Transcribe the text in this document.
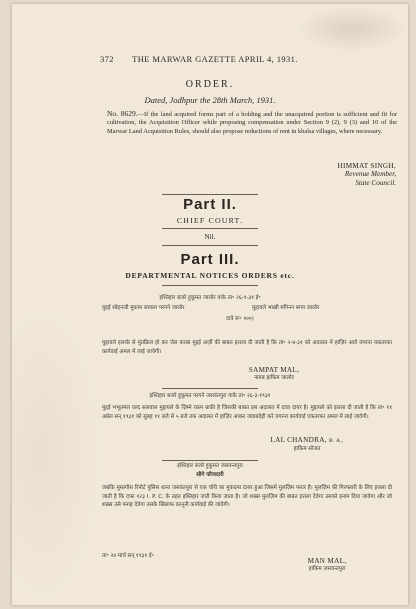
372 THE MARWAR GAZETTE APRIL 4, 1931.
ORDER.
Dated, Jodhpur the 28th March, 1931.
No. 8629.—If the land acquired forms part of a holding and the unacquired portion is sufficient and fit for cultivation, the Acquisition Officer while proposing compensation under Section 9 (2), 9 (3) and 10 of the Marwar Land Acquisition Rules, should also propose reductions of rent in khalsa villages, where necessary.
HIMMAT SINGH,
Revenue Member,
State Council.
Part II.
CHIEF COURT.
Nil.
Part III.
DEPARTMENTAL NOTICES ORDERS etc.
इश्तिहार बजरे हुकूमत जालोर वाके ता॰ २६-१-३१ ई॰
मुद्दई सोहनजी मुकाम सायला परगने जालोर	मुद्दायले भाखी मगिनन बगय जालोर
दावे रू॰ १००)
मुद्दायले इलाके से मुंतक़िल हो कर जेल करबा मुद्दई अर्ज़ी की बाबत इत्तला दी जाती है कि ता॰ २-४-३१ को अदालत में हाज़िर आवे वगरना यकतरफा कार्यवाई अमल में लाई जावेगी।
SAMPAT MAL,
नायब हाकिम जालोर
इश्तिहार बजरे हुकूमत परगने जसवंतपुरा वाके ता॰ २६-३-१९३१
मुद्दई भभूतमल वल्द सलवाल मुद्दायले के ज़िम्मे रकम बाकी है जिसकी बाबत इस अदालत में दावा दायर है। मुद्दायले को इत्तला दी जाती है कि ता॰ ११ अप्रेल सन् १९३१ को सुबह ११ बजे से ५ बजे तक अदालत में हाज़िर आकर जवाबदेही करे वगरना कार्यवाई एकतरफा अमल में लाई जावेगी।
LAL CHANDRA, B. A.,
हाकिम सोजत
इश्तिहार बजरे हुकूमत जसवन्तपुरा
सीगे फौजदारी
जबकि मुस्तगीस रिपोर्ट पुलिस थाना जसवंतपुरा से एक चोरी का मुकदमा दायर हुआ जिसमें मुलज़िम फरार है। मुलज़िम की गिरफ्तारी के लिए इत्तला दी जाती है कि दफा १२३ I. P. C. के तहत इश्तिहार जारी किया जाता है। जो शख्स मुलज़िम की बाबत इत्तला देवेगा उसको इनाम दिया जावेगा और जो शख्स उसे पनाह देवेगा उसके खिलाफ कानूनी कार्यवाई की जावेगी।
ता॰ २४ मार्च सन् १९३१ ई॰
MAN MAL,
हाकिम जसवन्तपुरा
